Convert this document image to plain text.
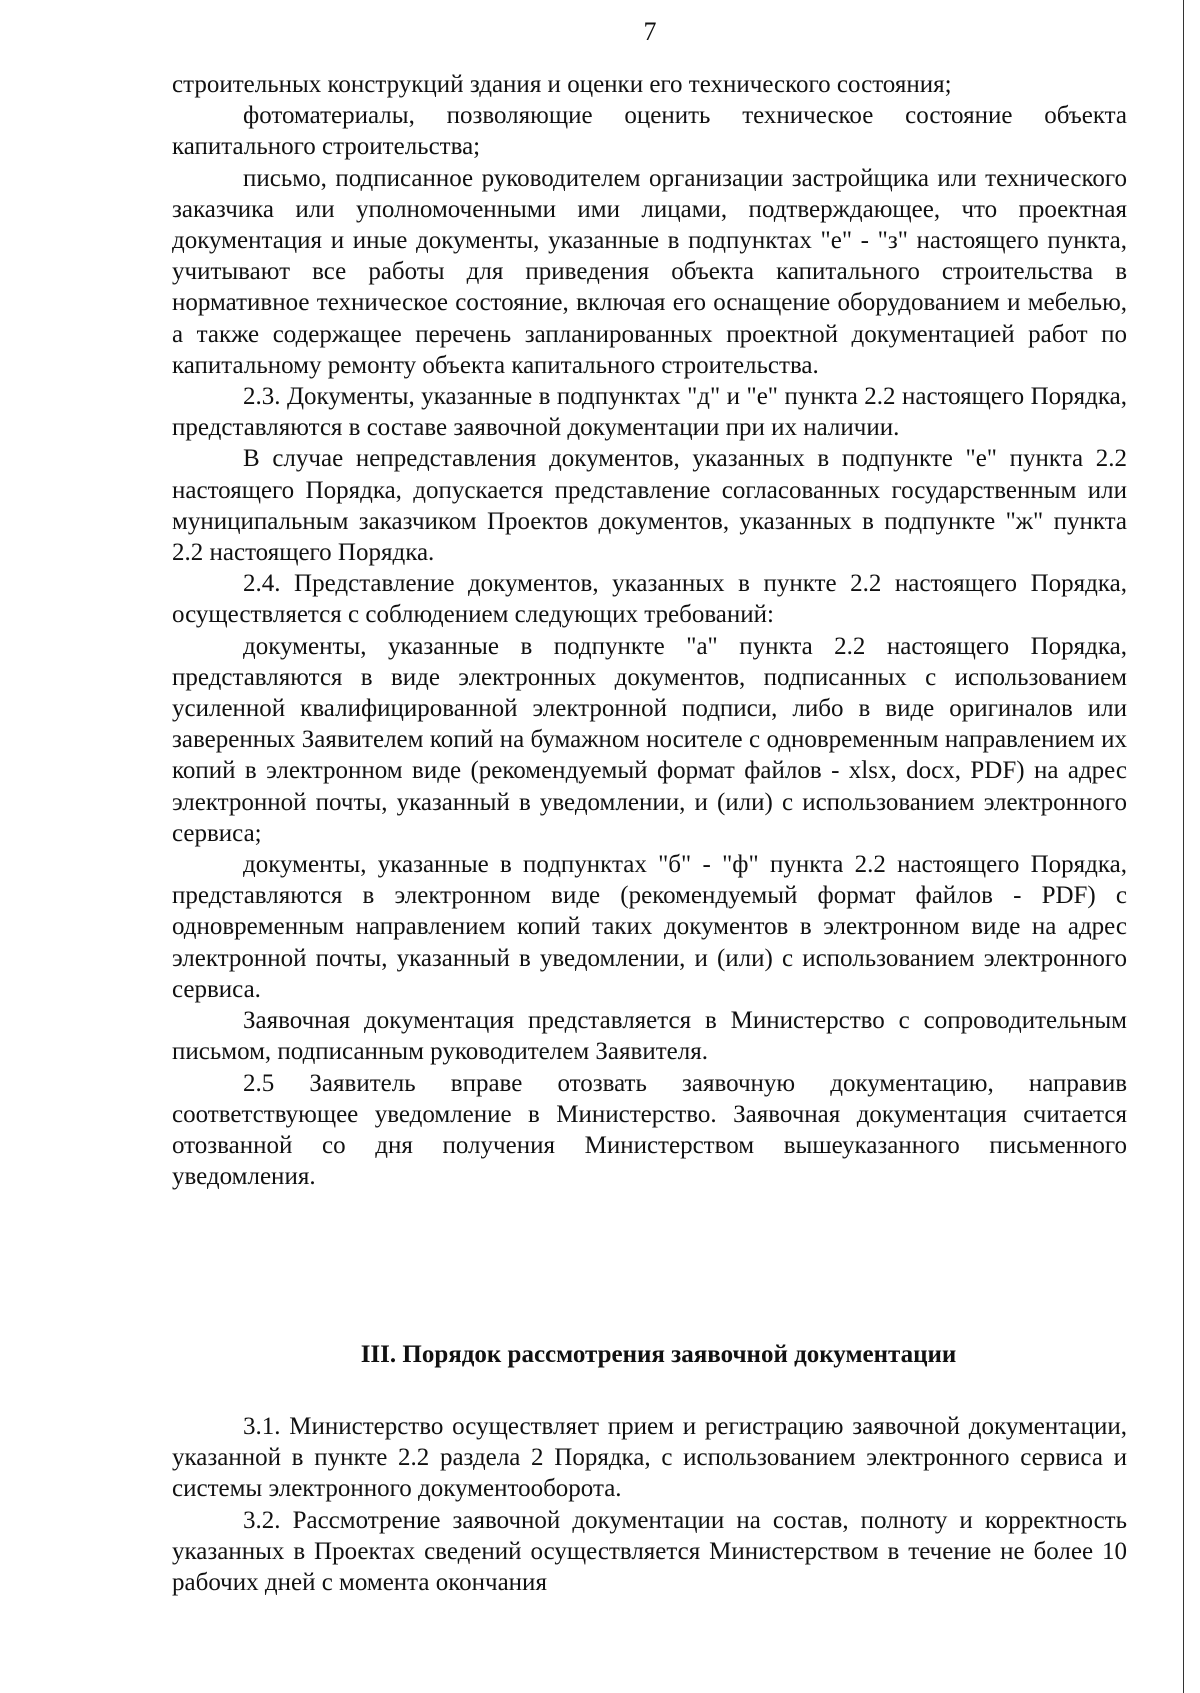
7

строительных конструкций здания и оценки его технического состояния;

фотоматериалы, позволяющие оценить техническое состояние объекта капитального строительства;

письмо, подписанное руководителем организации застройщика или технического заказчика или уполномоченными ими лицами, подтверждающее, что проектная документация и иные документы, указанные в подпунктах "е" - "з" настоящего пункта, учитывают все работы для приведения объекта капитального строительства в нормативное техническое состояние, включая его оснащение оборудованием и мебелью, а также содержащее перечень запланированных проектной документацией работ по капитальному ремонту объекта капитального строительства.

2.3. Документы, указанные в подпунктах "д" и "е" пункта 2.2 настоящего Порядка, представляются в составе заявочной документации при их наличии.

В случае непредставления документов, указанных в подпункте "е" пункта 2.2 настоящего Порядка, допускается представление согласованных государственным или муниципальным заказчиком Проектов документов, указанных в подпункте "ж" пункта 2.2 настоящего Порядка.

2.4. Представление документов, указанных в пункте 2.2 настоящего Порядка, осуществляется с соблюдением следующих требований:

документы, указанные в подпункте "а" пункта 2.2 настоящего Порядка, представляются в виде электронных документов, подписанных с использованием усиленной квалифицированной электронной подписи, либо в виде оригиналов или заверенных Заявителем копий на бумажном носителе с одновременным направлением их копий в электронном виде (рекомендуемый формат файлов - xlsx, docx, PDF) на адрес электронной почты, указанный в уведомлении, и (или) с использованием электронного сервиса;

документы, указанные в подпунктах "б" - "ф" пункта 2.2 настоящего Порядка, представляются в электронном виде (рекомендуемый формат файлов - PDF) с одновременным направлением копий таких документов в электронном виде на адрес электронной почты, указанный в уведомлении, и (или) с использованием электронного сервиса.

Заявочная документация представляется в Министерство с сопроводительным письмом, подписанным руководителем Заявителя.

2.5 Заявитель вправе отозвать заявочную документацию, направив соответствующее уведомление в Министерство. Заявочная документация считается отозванной со дня получения Министерством вышеуказанного письменного уведомления.

III. Порядок рассмотрения заявочной документации

3.1. Министерство осуществляет прием и регистрацию заявочной документации, указанной в пункте 2.2 раздела 2 Порядка, с использованием электронного сервиса и системы электронного документооборота.

3.2. Рассмотрение заявочной документации на состав, полноту и корректность указанных в Проектах сведений осуществляется Министерством в течение не более 10 рабочих дней с момента окончания
